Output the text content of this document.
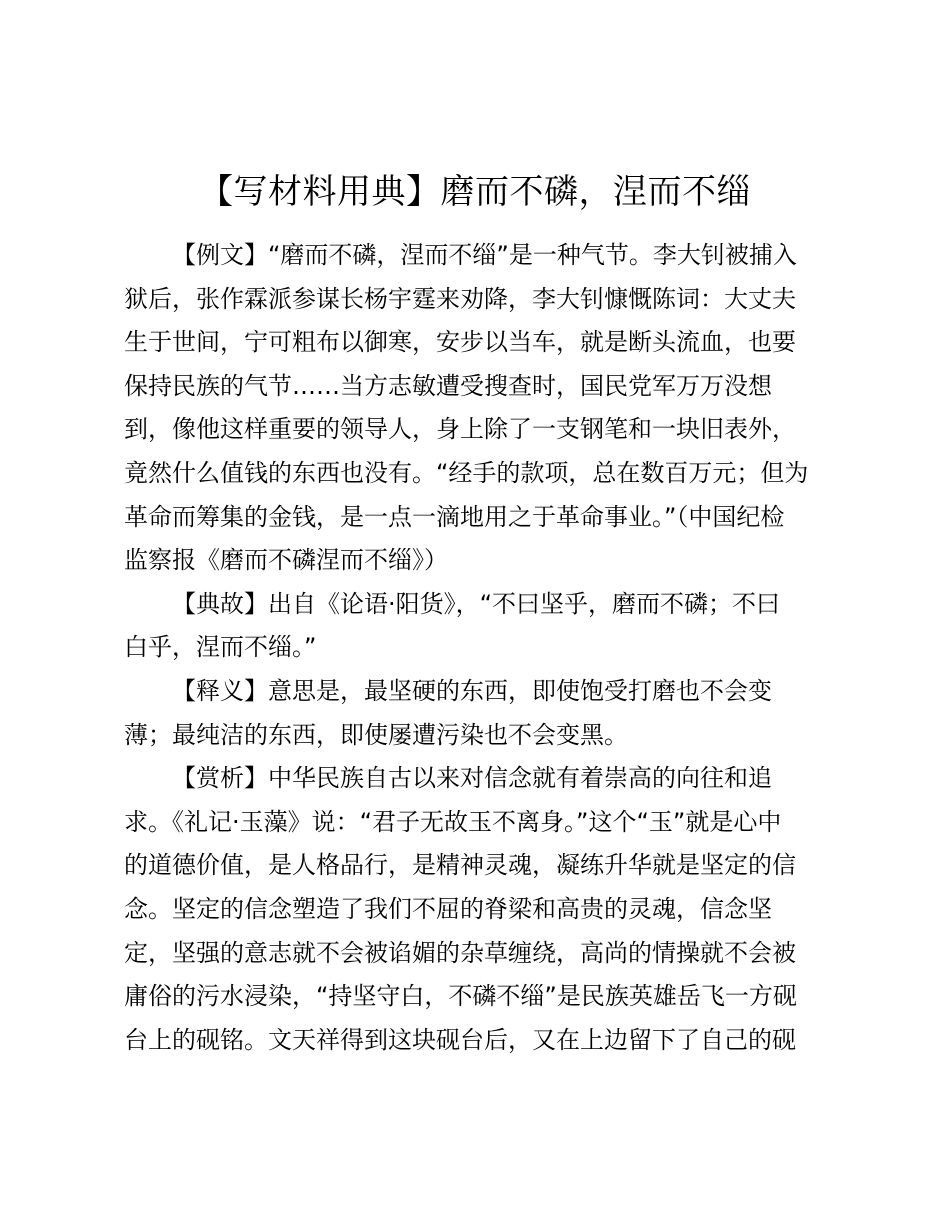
【写材料用典】磨而不磷，涅而不缁
【例文】“磨而不磷，涅而不缁”是一种气节。李大钊被捕入
狱后，张作霖派参谋长杨宇霆来劝降，李大钊慷慨陈词：大丈夫
生于世间，宁可粗布以御寒，安步以当车，就是断头流血，也要
保持民族的气节……当方志敏遭受搜查时，国民党军万万没想
到，像他这样重要的领导人，身上除了一支钢笔和一块旧表外，
竟然什么值钱的东西也没有。“经手的款项，总在数百万元；但为
革命而筹集的金钱，是一点一滴地用之于革命事业。”（中国纪检
监察报《磨而不磷涅而不缁》）
【典故】出自《论语·阳货》，“不曰坚乎，磨而不磷；不曰
白乎，涅而不缁。”
【释义】意思是，最坚硬的东西，即使饱受打磨也不会变
薄；最纯洁的东西，即使屡遭污染也不会变黑。
【赏析】中华民族自古以来对信念就有着崇高的向往和追
求。《礼记·玉藻》说：“君子无故玉不离身。”这个“玉”就是心中
的道德价值，是人格品行，是精神灵魂，凝练升华就是坚定的信
念。坚定的信念塑造了我们不屈的脊梁和高贵的灵魂，信念坚
定，坚强的意志就不会被谄媚的杂草缠绕，高尚的情操就不会被
庸俗的污水浸染，“持坚守白，不磷不缁”是民族英雄岳飞一方砚
台上的砚铭。文天祥得到这块砚台后，又在上边留下了自己的砚
